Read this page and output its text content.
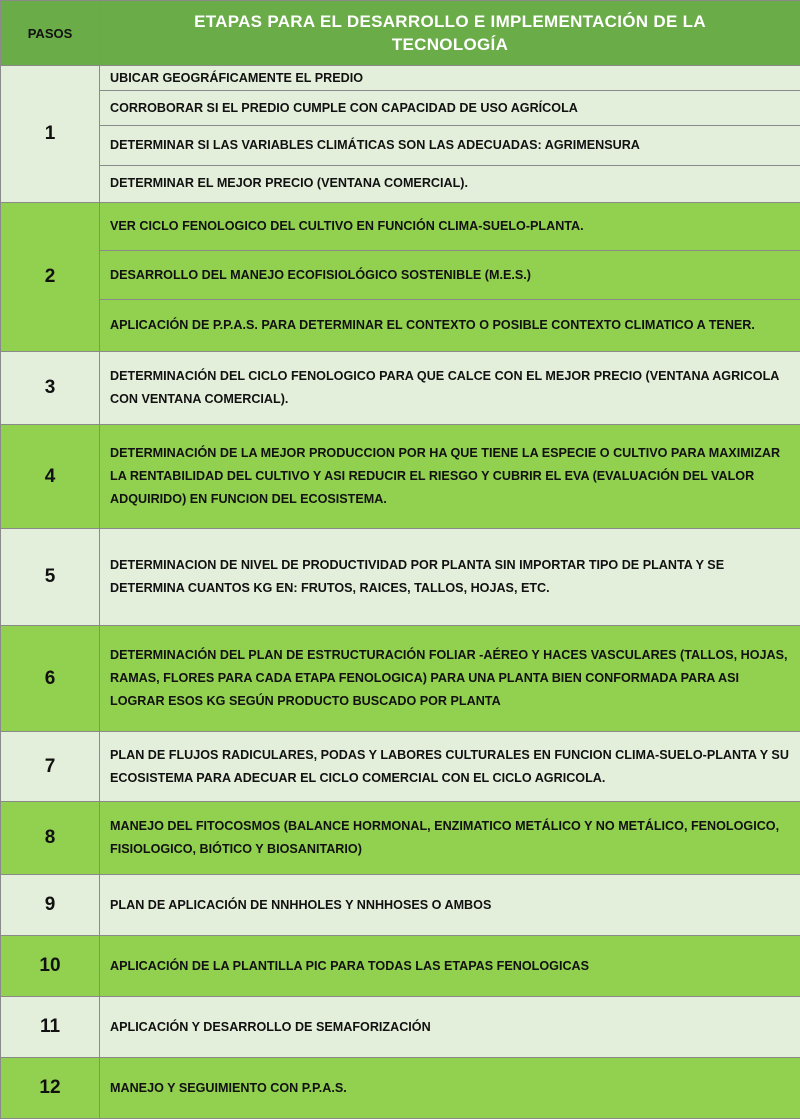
PASOS	ETAPAS PARA EL DESARROLLO E IMPLEMENTACIÓN DE LA TECNOLOGÍA
1	UBICAR GEOGRÁFICAMENTE EL PREDIO
	CORROBORAR SI EL PREDIO CUMPLE CON CAPACIDAD DE USO AGRÍCOLA
	DETERMINAR SI LAS VARIABLES CLIMÁTICAS SON LAS ADECUADAS: AGRIMENSURA
	DETERMINAR EL MEJOR PRECIO (VENTANA COMERCIAL).
2	VER CICLO FENOLOGICO DEL CULTIVO EN FUNCIÓN CLIMA-SUELO-PLANTA.
	DESARROLLO DEL MANEJO ECOFISIOLÓGICO SOSTENIBLE (M.E.S.)
	APLICACIÓN DE P.P.A.S. PARA DETERMINAR EL CONTEXTO O POSIBLE CONTEXTO CLIMATICO A TENER.
3	DETERMINACIÓN DEL CICLO FENOLOGICO PARA QUE CALCE CON EL MEJOR PRECIO (VENTANA AGRICOLA CON VENTANA COMERCIAL).
4	DETERMINACIÓN DE LA MEJOR PRODUCCION POR HA QUE TIENE LA ESPECIE O CULTIVO PARA MAXIMIZAR LA RENTABILIDAD DEL CULTIVO Y ASI REDUCIR EL RIESGO Y CUBRIR EL EVA (EVALUACIÓN DEL VALOR ADQUIRIDO) EN FUNCION DEL ECOSISTEMA.
5	DETERMINACION DE NIVEL DE PRODUCTIVIDAD POR PLANTA SIN IMPORTAR TIPO DE PLANTA Y SE DETERMINA CUANTOS KG EN: FRUTOS, RAICES, TALLOS, HOJAS, ETC.
6	DETERMINACIÓN DEL PLAN DE ESTRUCTURACIÓN FOLIAR -AÉREO Y HACES VASCULARES (TALLOS, HOJAS, RAMAS, FLORES PARA CADA ETAPA FENOLOGICA) PARA UNA PLANTA BIEN CONFORMADA PARA ASI LOGRAR ESOS KG SEGÚN PRODUCTO BUSCADO POR PLANTA
7	PLAN DE FLUJOS RADICULARES, PODAS Y LABORES CULTURALES EN FUNCION CLIMA-SUELO-PLANTA Y SU ECOSISTEMA PARA ADECUAR EL CICLO COMERCIAL CON EL CICLO AGRICOLA.
8	MANEJO DEL FITOCOSMOS (BALANCE HORMONAL, ENZIMATICO METÁLICO Y NO METÁLICO, FENOLOGICO, FISIOLOGICO, BIÓTICO Y BIOSANITARIO)
9	PLAN DE APLICACIÓN DE NNHHOLES Y NNHHOSES O AMBOS
10	APLICACIÓN DE LA PLANTILLA PIC PARA TODAS LAS ETAPAS FENOLOGICAS
11	APLICACIÓN Y DESARROLLO DE SEMAFORIZACIÓN
12	MANEJO Y SEGUIMIENTO CON P.P.A.S.
